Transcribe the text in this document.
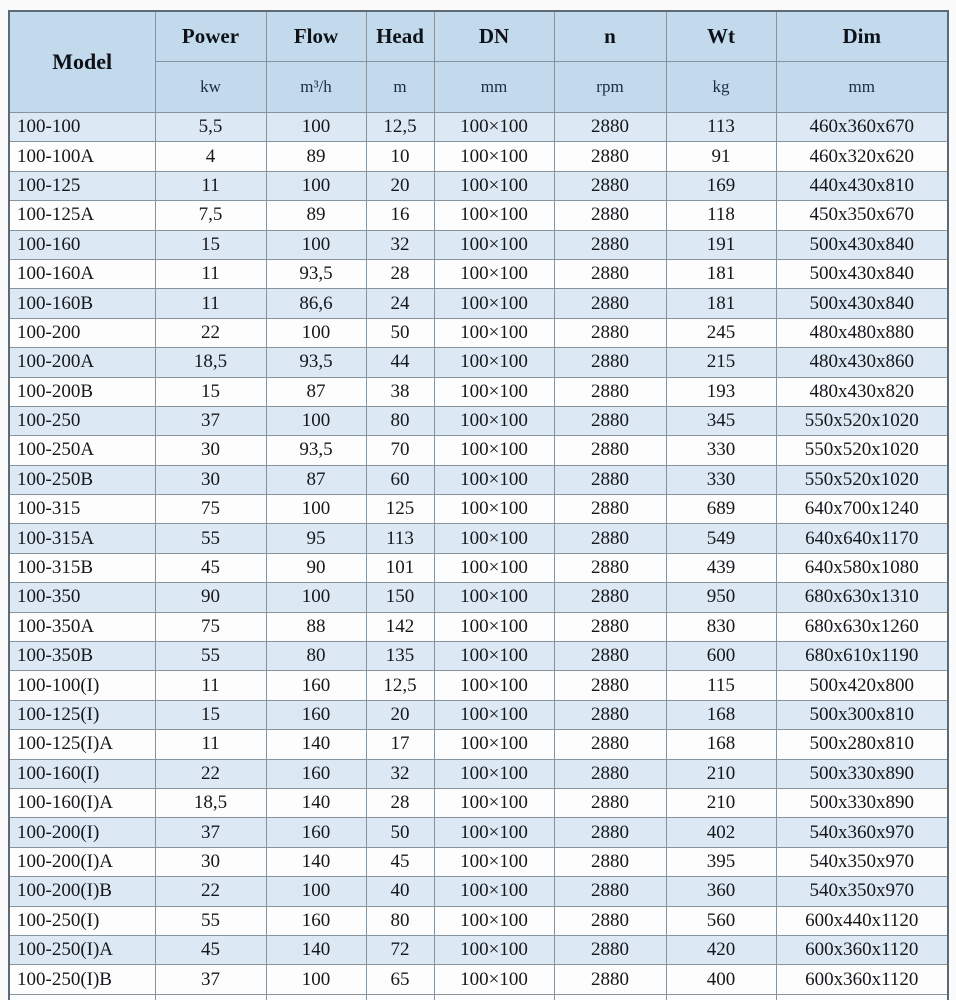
Model	Power	Flow	Head	DN	n	Wt	Dim
	kw	m³/h	m	mm	rpm	kg	mm
100-100	5,5	100	12,5	100×100	2880	113	460x360x670
100-100A	4	89	10	100×100	2880	91	460x320x620
100-125	11	100	20	100×100	2880	169	440x430x810
100-125A	7,5	89	16	100×100	2880	118	450x350x670
100-160	15	100	32	100×100	2880	191	500x430x840
100-160A	11	93,5	28	100×100	2880	181	500x430x840
100-160B	11	86,6	24	100×100	2880	181	500x430x840
100-200	22	100	50	100×100	2880	245	480x480x880
100-200A	18,5	93,5	44	100×100	2880	215	480x430x860
100-200B	15	87	38	100×100	2880	193	480x430x820
100-250	37	100	80	100×100	2880	345	550x520x1020
100-250A	30	93,5	70	100×100	2880	330	550x520x1020
100-250B	30	87	60	100×100	2880	330	550x520x1020
100-315	75	100	125	100×100	2880	689	640x700x1240
100-315A	55	95	113	100×100	2880	549	640x640x1170
100-315B	45	90	101	100×100	2880	439	640x580x1080
100-350	90	100	150	100×100	2880	950	680x630x1310
100-350A	75	88	142	100×100	2880	830	680x630x1260
100-350B	55	80	135	100×100	2880	600	680x610x1190
100-100(I)	11	160	12,5	100×100	2880	115	500x420x800
100-125(I)	15	160	20	100×100	2880	168	500x300x810
100-125(I)A	11	140	17	100×100	2880	168	500x280x810
100-160(I)	22	160	32	100×100	2880	210	500x330x890
100-160(I)A	18,5	140	28	100×100	2880	210	500x330x890
100-200(I)	37	160	50	100×100	2880	402	540x360x970
100-200(I)A	30	140	45	100×100	2880	395	540x350x970
100-200(I)B	22	100	40	100×100	2880	360	540x350x970
100-250(I)	55	160	80	100×100	2880	560	600x440x1120
100-250(I)A	45	140	72	100×100	2880	420	600x360x1120
100-250(I)B	37	100	65	100×100	2880	400	600x360x1120
